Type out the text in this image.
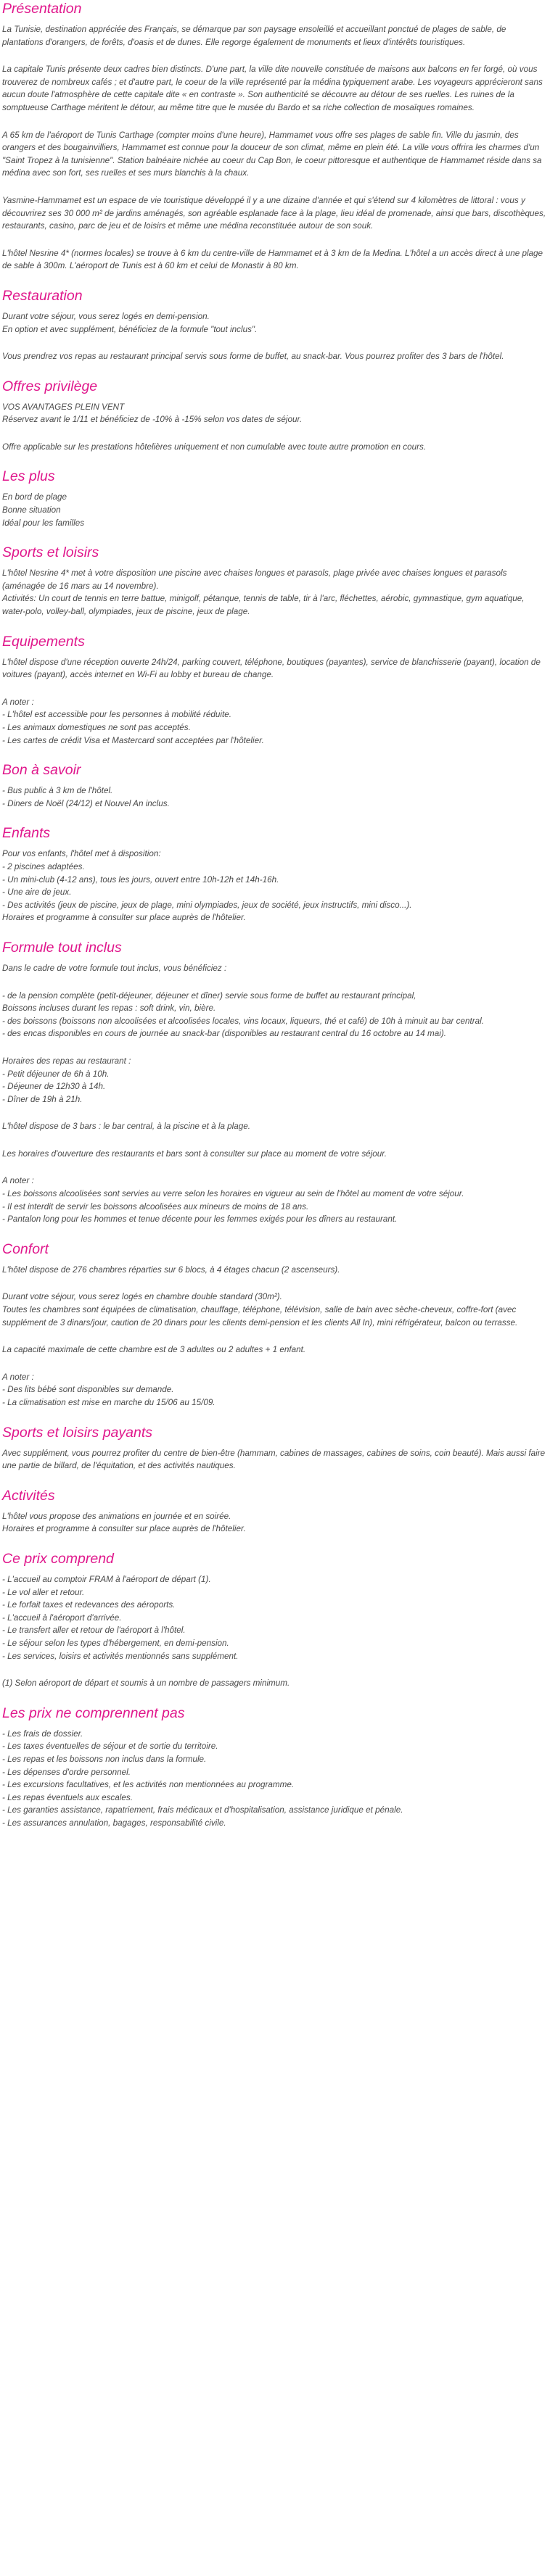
Présentation

La Tunisie, destination appréciée des Français, se démarque par son paysage ensoleillé et accueillant ponctué de plages de sable, de plantations d'orangers, de forêts, d'oasis et de dunes. Elle regorge également de monuments et lieux d'intérêts touristiques.

La capitale Tunis présente deux cadres bien distincts. D'une part, la ville dite nouvelle constituée de maisons aux balcons en fer forgé, où vous trouverez de nombreux cafés ; et d'autre part, le coeur de la ville représenté par la médina typiquement arabe. Les voyageurs apprécieront sans aucun doute l'atmosphère de cette capitale dite « en contraste ». Son authenticité se découvre au détour de ses ruelles. Les ruines de la somptueuse Carthage méritent le détour, au même titre que le musée du Bardo et sa riche collection de mosaïques romaines.

A 65 km de l'aéroport de Tunis Carthage (compter moins d'une heure), Hammamet vous offre ses plages de sable fin. Ville du jasmin, des orangers et des bougainvilliers, Hammamet est connue pour la douceur de son climat, même en plein été. La ville vous offrira les charmes d'un "Saint Tropez à la tunisienne". Station balnéaire nichée au coeur du Cap Bon, le coeur pittoresque et authentique de Hammamet réside dans sa médina avec son fort, ses ruelles et ses murs blanchis à la chaux.

Yasmine-Hammamet est un espace de vie touristique développé il y a une dizaine d'année et qui s'étend sur 4 kilomètres de littoral : vous y découvrirez ses 30 000 m² de jardins aménagés, son agréable esplanade face à la plage, lieu idéal de promenade, ainsi que bars, discothèques, restaurants, casino, parc de jeu et de loisirs et même une médina reconstituée autour de son souk.

L'hôtel Nesrine 4* (normes locales) se trouve à 6 km du centre-ville de Hammamet et à 3 km de la Medina. L'hôtel a un accès direct à une plage de sable à 300m. L'aéroport de Tunis est à 60 km et celui de Monastir à 80 km.

Restauration

Durant votre séjour, vous serez logés en demi-pension.

En option et avec supplément, bénéficiez de la formule "tout inclus".

Vous prendrez vos repas au restaurant principal servis sous forme de buffet, au snack-bar. Vous pourrez profiter des 3 bars de l'hôtel.

Offres privilège

VOS AVANTAGES PLEIN VENT

Réservez avant le 1/11 et bénéficiez de -10% à -15% selon vos dates de séjour.

Offre applicable sur les prestations hôtelières uniquement et non cumulable avec toute autre promotion en cours.

Les plus

En bord de plage

Bonne situation

Idéal pour les familles

Sports et loisirs

L'hôtel Nesrine 4* met à votre disposition une piscine avec chaises longues et parasols, plage privée avec chaises longues et parasols (aménagée de 16 mars au 14 novembre).

Activités: Un court de tennis en terre battue, minigolf, pétanque, tennis de table, tir à l'arc, fléchettes, aérobic, gymnastique, gym aquatique, water-polo, volley-ball, olympiades, jeux de piscine, jeux de plage.

Equipements

L'hôtel dispose d'une réception ouverte 24h/24, parking couvert, téléphone, boutiques (payantes), service de blanchisserie (payant), location de voitures (payant), accès internet en Wi-Fi au lobby et bureau de change.

A noter :

- L'hôtel est accessible pour les personnes à mobilité réduite.

- Les animaux domestiques ne sont pas acceptés.

- Les cartes de crédit Visa et Mastercard sont acceptées par l'hôtelier.

Bon à savoir

- Bus public à 3 km de l'hôtel.

- Diners de Noël (24/12) et Nouvel An inclus.

Enfants

Pour vos enfants, l'hôtel met à disposition:

- 2 piscines adaptées.

- Un mini-club (4-12 ans), tous les jours, ouvert entre 10h-12h et 14h-16h.

- Une aire de jeux.

- Des activités (jeux de piscine, jeux de plage, mini olympiades, jeux de société, jeux instructifs, mini disco...).

Horaires et programme à consulter sur place auprès de l'hôtelier.

Formule tout inclus

Dans le cadre de votre formule tout inclus, vous bénéficiez :

- de la pension complète (petit-déjeuner, déjeuner et dîner) servie sous forme de buffet au restaurant principal,

Boissons incluses durant les repas : soft drink, vin, bière.

- des boissons (boissons non alcoolisées et alcoolisées locales, vins locaux, liqueurs, thé et café) de 10h à minuit au bar central.

- des encas disponibles en cours de journée au snack-bar (disponibles au restaurant central du 16 octobre au 14 mai).

Horaires des repas au restaurant :

- Petit déjeuner de 6h à 10h.

- Déjeuner de 12h30 à 14h.

- Dîner de 19h à 21h.

L'hôtel dispose de 3 bars : le bar central, à la piscine et à la plage.

Les horaires d'ouverture des restaurants et bars sont à consulter sur place au moment de votre séjour.

A noter :

- Les boissons alcoolisées sont servies au verre selon les horaires en vigueur au sein de l'hôtel au moment de votre séjour.

- Il est interdit de servir les boissons alcoolisées aux mineurs de moins de 18 ans.

- Pantalon long pour les hommes et tenue décente pour les femmes exigés pour les dîners au restaurant.

Confort

L'hôtel dispose de 276 chambres réparties sur 6 blocs, à 4 étages chacun (2 ascenseurs).

Durant votre séjour, vous serez logés en chambre double standard (30m²).

Toutes les chambres sont équipées de climatisation, chauffage, téléphone, télévision, salle de bain avec sèche-cheveux, coffre-fort (avec supplément de 3 dinars/jour, caution de 20 dinars pour les clients demi-pension et les clients All In), mini réfrigérateur, balcon ou terrasse.

La capacité maximale de cette chambre est de 3 adultes ou 2 adultes + 1 enfant.

A noter :

- Des lits bébé sont disponibles sur demande.

- La climatisation est mise en marche du 15/06 au 15/09.

Sports et loisirs payants

Avec supplément, vous pourrez profiter du centre de bien-être (hammam, cabines de massages, cabines de soins, coin beauté). Mais aussi faire une partie de billard, de l'équitation, et des activités nautiques.

Activités

L'hôtel vous propose des animations en journée et en soirée.

Horaires et programme à consulter sur place auprès de l'hôtelier.

Ce prix comprend

- L'accueil au comptoir FRAM à l'aéroport de départ (1).

- Le vol aller et retour.

- Le forfait taxes et redevances des aéroports.

- L'accueil à l'aéroport d'arrivée.

- Le transfert aller et retour de l'aéroport à l'hôtel.

- Le séjour selon les types d'hébergement, en demi-pension.

- Les services, loisirs et activités mentionnés sans supplément.

(1) Selon aéroport de départ et soumis à un nombre de passagers minimum.

Les prix ne comprennent pas

- Les frais de dossier.

- Les taxes éventuelles de séjour et de sortie du territoire.

- Les repas et les boissons non inclus dans la formule.

- Les dépenses d'ordre personnel.

- Les excursions facultatives, et les activités non mentionnées au programme.

- Les repas éventuels aux escales.

- Les garanties assistance, rapatriement, frais médicaux et d'hospitalisation, assistance juridique et pénale.

- Les assurances annulation, bagages, responsabilité civile.
